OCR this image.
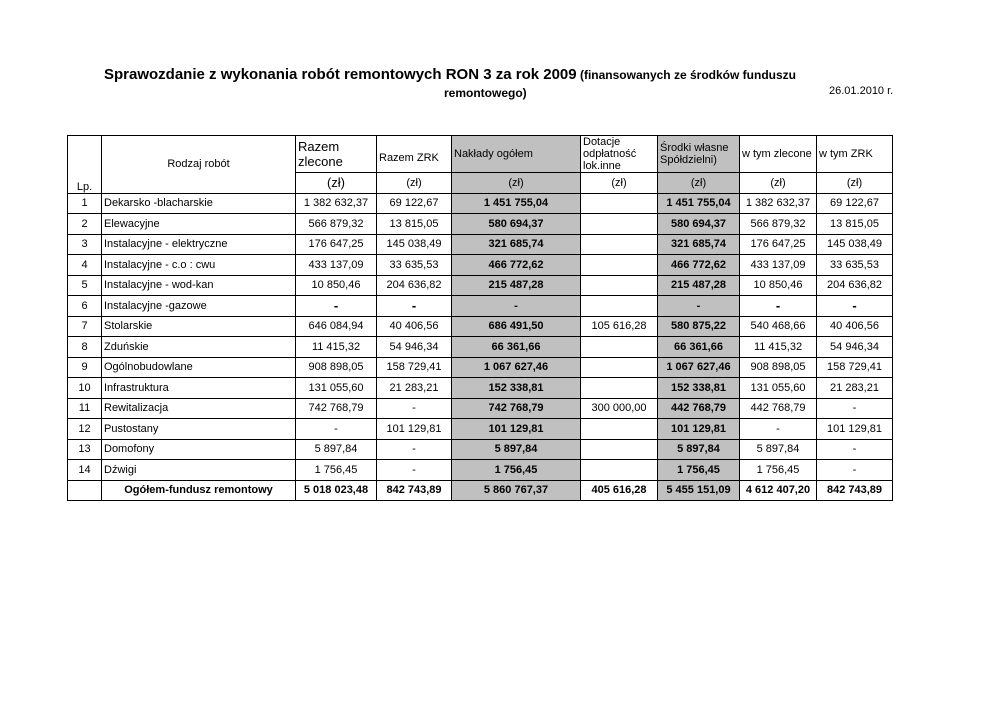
Sprawozdanie z wykonania robót remontowych RON 3 za rok 2009 (finansowanych ze środków funduszu
remontowego)	26.01.2010 r.
	Rodzaj robót	Razem zlecone	Razem ZRK	Nakłady ogółem	Dotacje odpłatność lok.inne	Środki własne Spółdzielni)	w tym zlecone	w tym ZRK
Lp.		(zł)	(zł)	(zł)	(zł)	(zł)	(zł)	(zł)
1	Dekarsko -blacharskie	1 382 632,37	69 122,67	1 451 755,04		1 451 755,04	1 382 632,37	69 122,67
2	Elewacyjne	566 879,32	13 815,05	580 694,37		580 694,37	566 879,32	13 815,05
3	Instalacyjne - elektryczne	176 647,25	145 038,49	321 685,74		321 685,74	176 647,25	145 038,49
4	Instalacyjne - c.o : cwu	433 137,09	33 635,53	466 772,62		466 772,62	433 137,09	33 635,53
5	Instalacyjne - wod-kan	10 850,46	204 636,82	215 487,28		215 487,28	10 850,46	204 636,82
6	Instalacyjne -gazowe	-	-	-		-	-	-
7	Stolarskie	646 084,94	40 406,56	686 491,50	105 616,28	580 875,22	540 468,66	40 406,56
8	Zduńskie	11 415,32	54 946,34	66 361,66		66 361,66	11 415,32	54 946,34
9	Ogólnobudowlane	908 898,05	158 729,41	1 067 627,46		1 067 627,46	908 898,05	158 729,41
10	Infrastruktura	131 055,60	21 283,21	152 338,81		152 338,81	131 055,60	21 283,21
11	Rewitalizacja	742 768,79	-	742 768,79	300 000,00	442 768,79	442 768,79	-
12	Pustostany	-	101 129,81	101 129,81		101 129,81	-	101 129,81
13	Domofony	5 897,84	-	5 897,84		5 897,84	5 897,84	-
14	Dźwigi	1 756,45	-	1 756,45		1 756,45	1 756,45	-
	Ogółem-fundusz remontowy	5 018 023,48	842 743,89	5 860 767,37	405 616,28	5 455 151,09	4 612 407,20	842 743,89
